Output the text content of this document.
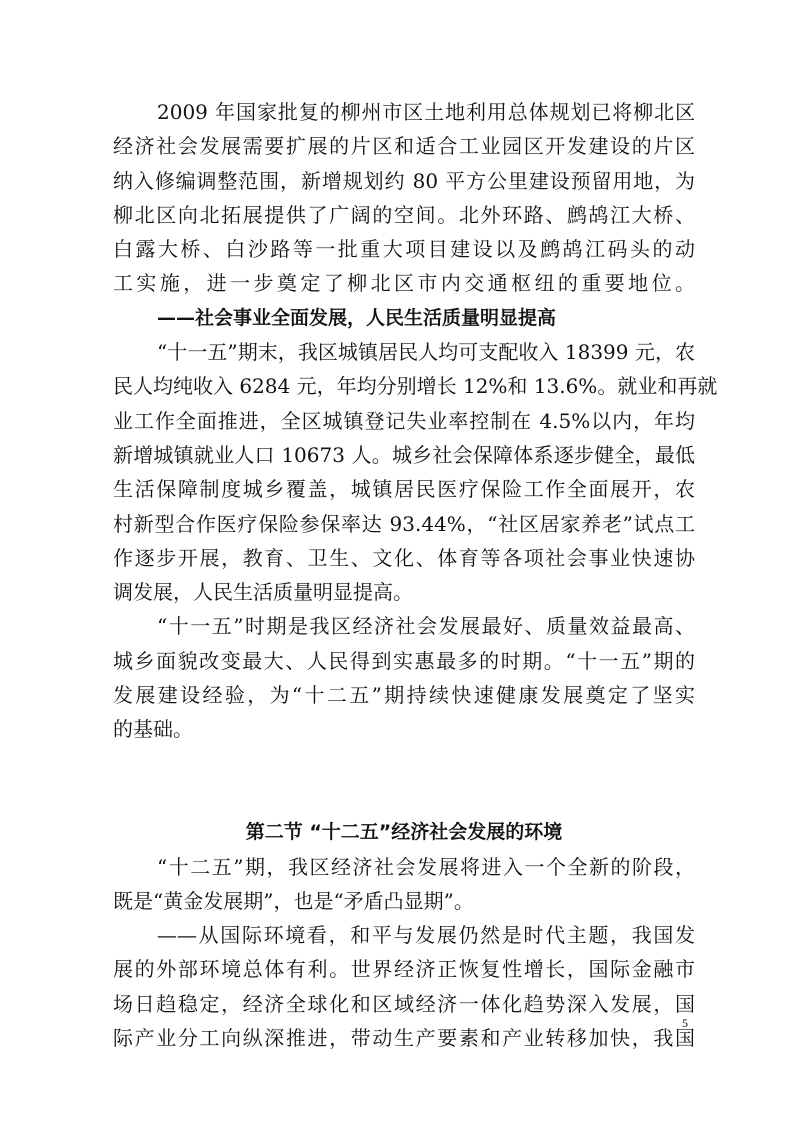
2009 年国家批复的柳州市区土地利用总体规划已将柳北区
经济社会发展需要扩展的片区和适合工业园区开发建设的片区
纳入修编调整范围，新增规划约 80 平方公里建设预留用地，为
柳北区向北拓展提供了广阔的空间。北外环路、鹧鸪江大桥、
白露大桥、白沙路等一批重大项目建设以及鹧鸪江码头的动
工实施，进一步奠定了柳北区市内交通枢纽的重要地位。
——社会事业全面发展，人民生活质量明显提高
“十一五”期末，我区城镇居民人均可支配收入 18399 元，农
民人均纯收入 6284 元，年均分别增长 12%和 13.6%。就业和再就
业工作全面推进，全区城镇登记失业率控制在 4.5%以内，年均
新增城镇就业人口 10673 人。城乡社会保障体系逐步健全，最低
生活保障制度城乡覆盖，城镇居民医疗保险工作全面展开，农
村新型合作医疗保险参保率达 93.44%，“社区居家养老”试点工
作逐步开展，教育、卫生、文化、体育等各项社会事业快速协
调发展，人民生活质量明显提高。
“十一五”时期是我区经济社会发展最好、质量效益最高、
城乡面貌改变最大、人民得到实惠最多的时期。“十一五”期的
发展建设经验，为“十二五”期持续快速健康发展奠定了坚实
的基础。
第二节 “十二五”经济社会发展的环境
“十二五”期，我区经济社会发展将进入一个全新的阶段，
既是“黄金发展期”，也是“矛盾凸显期”。
——从国际环境看，和平与发展仍然是时代主题，我国发
展的外部环境总体有利。世界经济正恢复性增长，国际金融市
场日趋稳定，经济全球化和区域经济一体化趋势深入发展，国
际产业分工向纵深推进，带动生产要素和产业转移加快，我国
5
